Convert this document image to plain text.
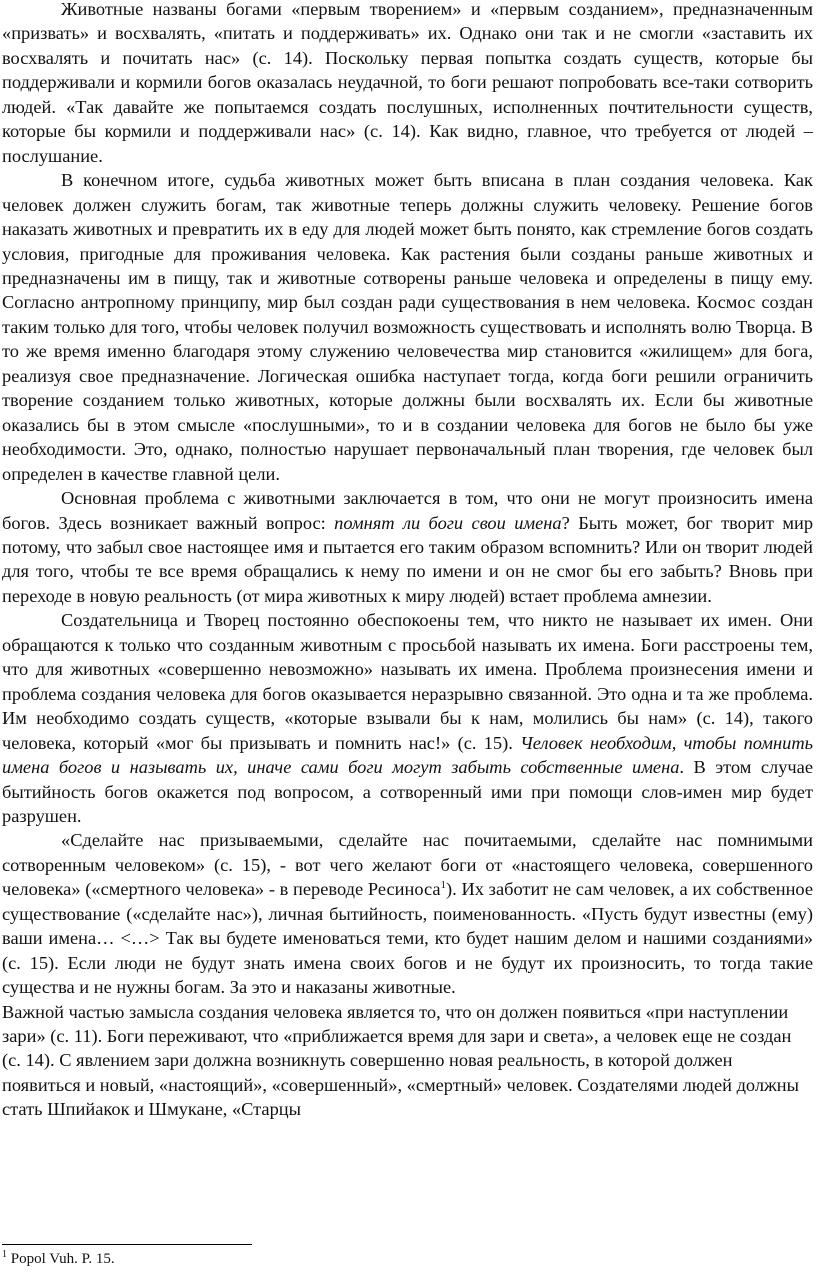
Животные названы богами «первым творением» и «первым созданием», предназначенным «призвать» и восхвалять, «питать и поддерживать» их. Однако они так и не смогли «заставить их восхвалять и почитать нас» (с. 14). Поскольку первая попытка создать существ, которые бы поддерживали и кормили богов оказалась неудачной, то боги решают попробовать все-таки сотворить людей. «Так давайте же попытаемся создать послушных, исполненных почтительности существ, которые бы кормили и поддерживали нас» (с. 14). Как видно, главное, что требуется от людей – послушание.

В конечном итоге, судьба животных может быть вписана в план создания человека. Как человек должен служить богам, так животные теперь должны служить человеку. Решение богов наказать животных и превратить их в еду для людей может быть понято, как стремление богов создать условия, пригодные для проживания человека. Как растения были созданы раньше животных и предназначены им в пищу, так и животные сотворены раньше человека и определены в пищу ему. Согласно антропному принципу, мир был создан ради существования в нем человека. Космос создан таким только для того, чтобы человек получил возможность существовать и исполнять волю Творца. В то же время именно благодаря этому служению человечества мир становится «жилищем» для бога, реализуя свое предназначение. Логическая ошибка наступает тогда, когда боги решили ограничить творение созданием только животных, которые должны были восхвалять их. Если бы животные оказались бы в этом смысле «послушными», то и в создании человека для богов не было бы уже необходимости. Это, однако, полностью нарушает первоначальный план творения, где человек был определен в качестве главной цели.

Основная проблема с животными заключается в том, что они не могут произносить имена богов. Здесь возникает важный вопрос: помнят ли боги свои имена? Быть может, бог творит мир потому, что забыл свое настоящее имя и пытается его таким образом вспомнить? Или он творит людей для того, чтобы те все время обращались к нему по имени и он не смог бы его забыть? Вновь при переходе в новую реальность (от мира животных к миру людей) встает проблема амнезии.

Создательница и Творец постоянно обеспокоены тем, что никто не называет их имен. Они обращаются к только что созданным животным с просьбой называть их имена. Боги расстроены тем, что для животных «совершенно невозможно» называть их имена. Проблема произнесения имени и проблема создания человека для богов оказывается неразрывно связанной. Это одна и та же проблема. Им необходимо создать существ, «которые взывали бы к нам, молились бы нам» (с. 14), такого человека, который «мог бы призывать и помнить нас!» (с. 15). Человек необходим, чтобы помнить имена богов и называть их, иначе сами боги могут забыть собственные имена. В этом случае бытийность богов окажется под вопросом, а сотворенный ими при помощи слов-имен мир будет разрушен.

«Сделайте нас призываемыми, сделайте нас почитаемыми, сделайте нас помнимыми сотворенным человеком» (с. 15), - вот чего желают боги от «настоящего человека, совершенного человека» («смертного человека» - в переводе Ресиноса$^1$). Их заботит не сам человек, а их собственное существование («сделайте нас»), личная бытийность, поименованность. «Пусть будут известны (ему) ваши имена… <…> Так вы будете именоваться теми, кто будет нашим делом и нашими созданиями» (с. 15). Если люди не будут знать имена своих богов и не будут их произносить, то тогда такие существа и не нужны богам. За это и наказаны животные.

Важной частью замысла создания человека является то, что он должен появиться «при наступлении зари» (с. 11). Боги переживают, что «приближается время для зари и света», а человек еще не создан (с. 14). С явлением зари должна возникнуть совершенно новая реальность, в которой должен появиться и новый, «настоящий», «совершенный», «смертный» человек. Создателями людей должны стать Шпийакок и Шмукане, «Старцы

$^1$ Popol Vuh. P. 15.
